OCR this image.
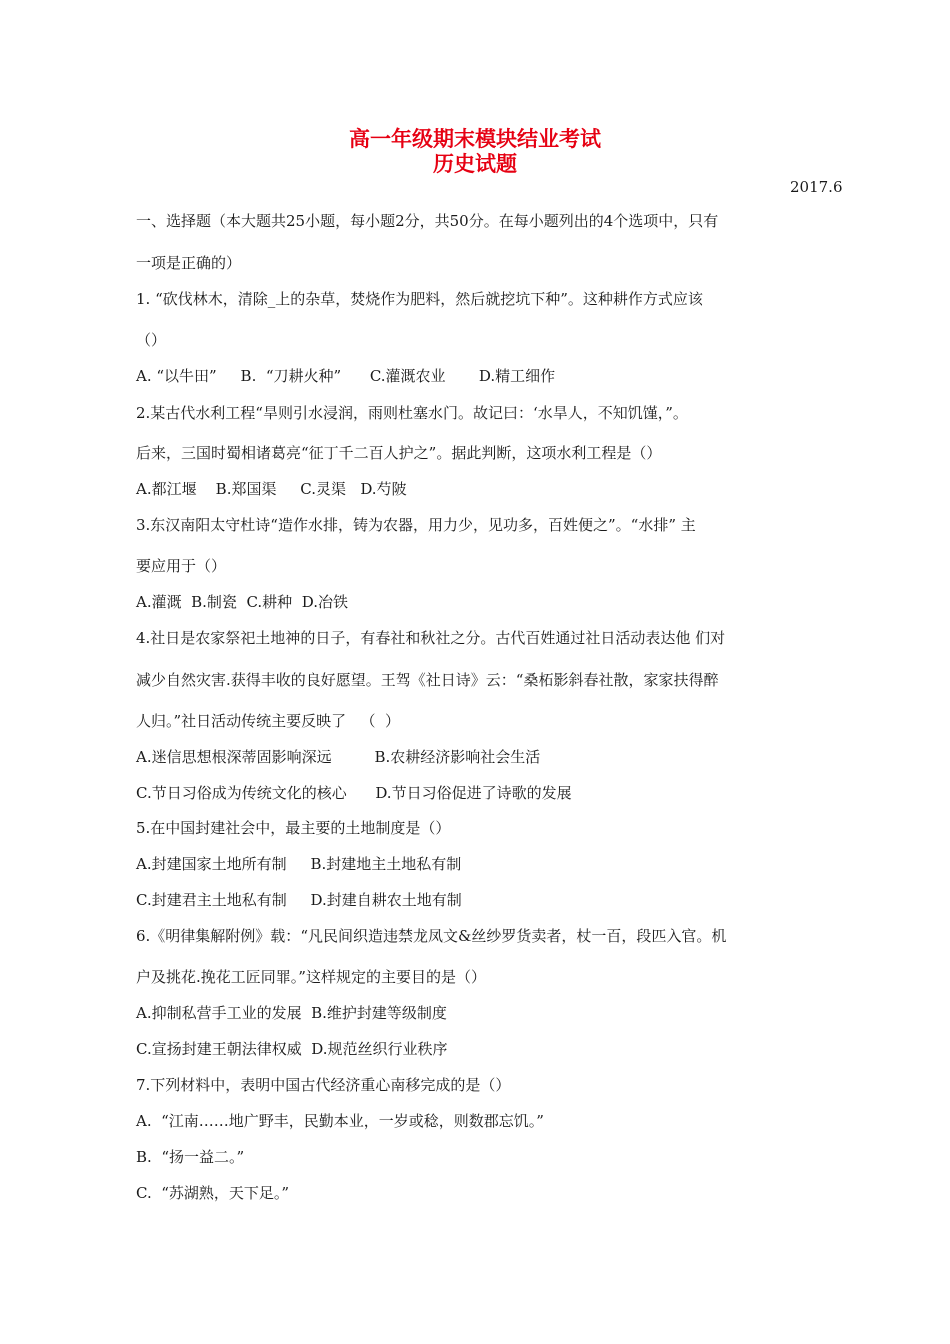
高一年级期末模块结业考试
历史试题
2017.6
一、选择题（本大题共25小题，每小题2分，共50分。在每小题列出的4个选项中，只有
一项是正确的）
1. “砍伐林木，清除_上的杂草，焚烧作为肥料，然后就挖坑下种”。这种耕作方式应该
（）
A. “以牛田”     B.  “刀耕火种”      C.灌溉农业       D.精工细作
2.某古代水利工程“旱则引水浸润，雨则杜塞水门。故记曰：‘水旱人，不知饥馑，”。
后来，三国时蜀相诸葛亮“征丁千二百人护之”。据此判断，这项水利工程是（）
A.都江堰    B.郑国渠     C.灵渠   D.芍陂
3.东汉南阳太守杜诗“造作水排，铸为农器，用力少，见功多，百姓便之”。“水排” 主
要应用于（）
A.灌溉  B.制瓷  C.耕种  D.冶铁
4.社日是农家祭祀土地神的日子，有春社和秋社之分。古代百姓通过社日活动表达他 们对
减少自然灾害.获得丰收的良好愿望。王驾《社日诗》云：“桑柘影斜春社散，家家扶得醉
人归。”社日活动传统主要反映了   （  ）
A.迷信思想根深蒂固影响深远         B.农耕经济影响社会生活
C.节日习俗成为传统文化的核心      D.节日习俗促进了诗歌的发展
5.在中国封建社会中，最主要的土地制度是（）
A.封建国家土地所有制     B.封建地主土地私有制
C.封建君主土地私有制     D.封建自耕农土地有制
6.《明律集解附例》载：“凡民间织造违禁龙凤文&丝纱罗货卖者，杖一百，段匹入官。机
户及挑花.挽花工匠同罪。”这样规定的主要目的是（）
A.抑制私营手工业的发展  B.维护封建等级制度
C.宣扬封建王朝法律权威  D.规范丝织行业秩序
7.下列材料中，表明中国古代经济重心南移完成的是（）
A.  “江南……地广野丰，民勤本业，一岁或稔，则数郡忘饥。”
B.  “扬一益二。”
C.  “苏湖熟，天下足。”
